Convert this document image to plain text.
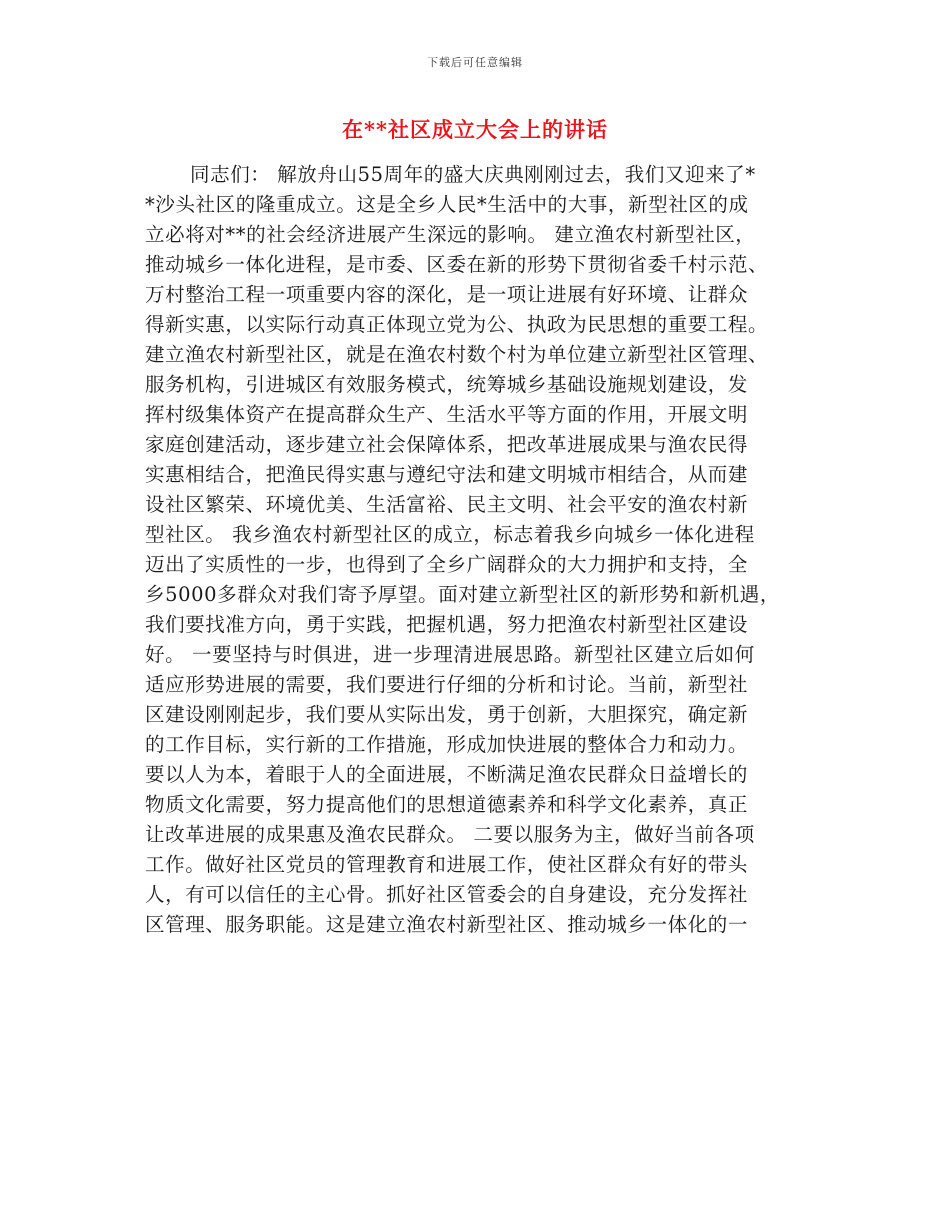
下载后可任意编辑
在**社区成立大会上的讲话
同志们： 解放舟山55周年的盛大庆典刚刚过去，我们又迎来了*
*沙头社区的隆重成立。这是全乡人民*生活中的大事，新型社区的成
立必将对**的社会经济进展产生深远的影响。 建立渔农村新型社区，
推动城乡一体化进程，是市委、区委在新的形势下贯彻省委千村示范、
万村整治工程一项重要内容的深化，是一项让进展有好环境、让群众
得新实惠，以实际行动真正体现立党为公、执政为民思想的重要工程。
建立渔农村新型社区，就是在渔农村数个村为单位建立新型社区管理、
服务机构，引进城区有效服务模式，统筹城乡基础设施规划建设，发
挥村级集体资产在提高群众生产、生活水平等方面的作用，开展文明
家庭创建活动，逐步建立社会保障体系，把改革进展成果与渔农民得
实惠相结合，把渔民得实惠与遵纪守法和建文明城市相结合，从而建
设社区繁荣、环境优美、生活富裕、民主文明、社会平安的渔农村新
型社区。 我乡渔农村新型社区的成立，标志着我乡向城乡一体化进程
迈出了实质性的一步，也得到了全乡广阔群众的大力拥护和支持，全
乡5000多群众对我们寄予厚望。面对建立新型社区的新形势和新机遇，
我们要找准方向，勇于实践，把握机遇，努力把渔农村新型社区建设
好。 一要坚持与时俱进，进一步理清进展思路。新型社区建立后如何
适应形势进展的需要，我们要进行仔细的分析和讨论。当前，新型社
区建设刚刚起步，我们要从实际出发，勇于创新，大胆探究，确定新
的工作目标，实行新的工作措施，形成加快进展的整体合力和动力。
要以人为本，着眼于人的全面进展，不断满足渔农民群众日益增长的
物质文化需要，努力提高他们的思想道德素养和科学文化素养，真正
让改革进展的成果惠及渔农民群众。 二要以服务为主，做好当前各项
工作。做好社区党员的管理教育和进展工作，使社区群众有好的带头
人，有可以信任的主心骨。抓好社区管委会的自身建设，充分发挥社
区管理、服务职能。这是建立渔农村新型社区、推动城乡一体化的一
